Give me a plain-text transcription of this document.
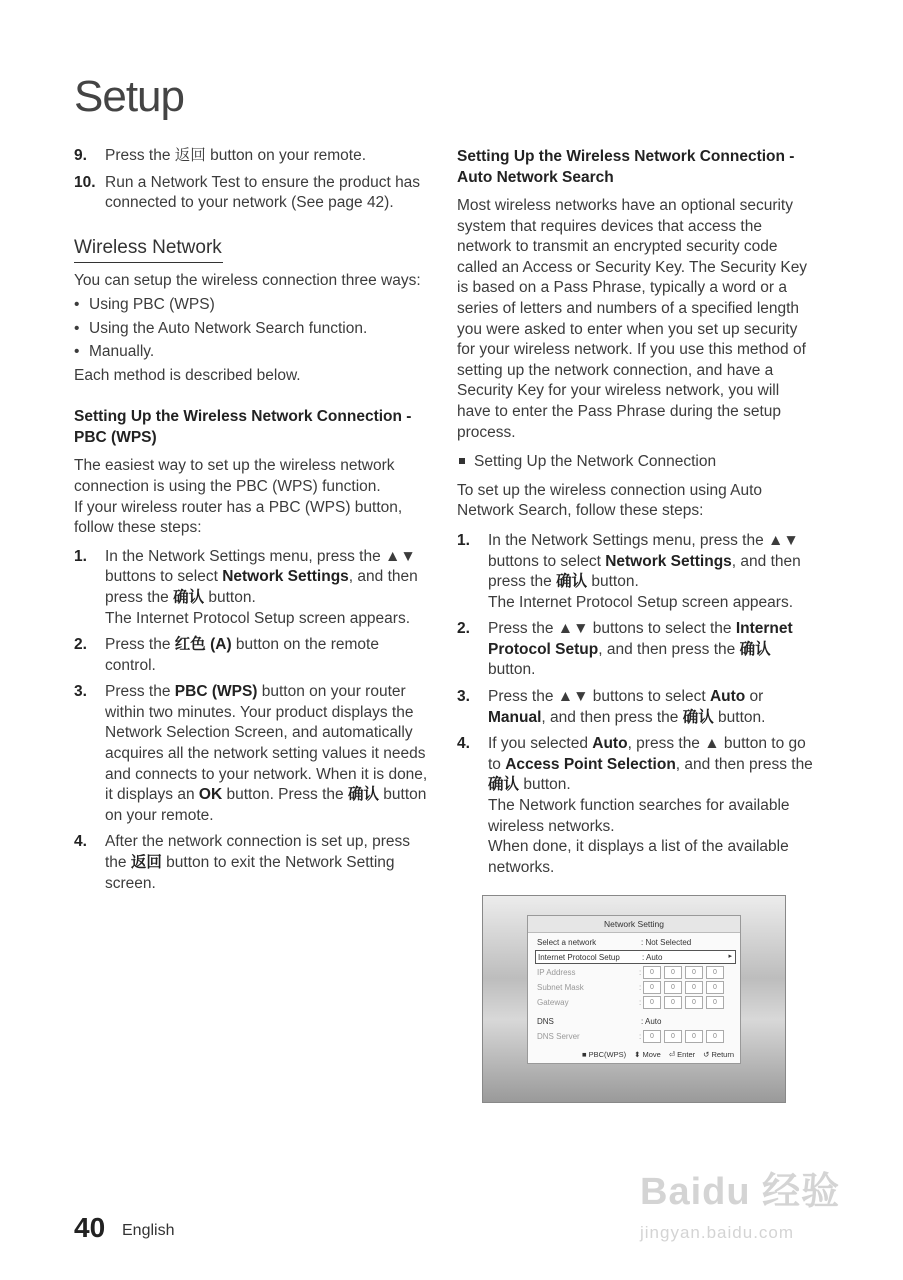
Setup
9.	Press the 返回 button on your remote.
10. Run a Network Test to ensure the product has connected to your network (See page 42).
Wireless Network
You can setup the wireless connection three ways:
• Using PBC (WPS)
• Using the Auto Network Search function.
• Manually.
Each method is described below.
Setting Up the Wireless Network Connection - PBC (WPS)
The easiest way to set up the wireless network connection is using the PBC (WPS) function.
If your wireless router has a PBC (WPS) button, follow these steps:
1.	In the Network Settings menu, press the ▲▼ buttons to select Network Settings, and then press the 确认 button.
The Internet Protocol Setup screen appears.
2.	Press the 红色 (A) button on the remote control.
3.	Press the PBC (WPS) button on your router within two minutes. Your product displays the Network Selection Screen, and automatically acquires all the network setting values it needs and connects to your network. When it is done, it displays an OK button. Press the 确认 button on your remote.
4.	After the network connection is set up, press the 返回 button to exit the Network Setting screen.
Setting Up the Wireless Network Connection - Auto Network Search
Most wireless networks have an optional security system that requires devices that access the network to transmit an encrypted security code called an Access or Security Key. The Security Key is based on a Pass Phrase, typically a word or a series of letters and numbers of a specified length you were asked to enter when you set up security for your wireless network. If you use this method of setting up the network connection, and have a Security Key for your wireless network, you will have to enter the Pass Phrase during the setup process.
Setting Up the Network Connection
To set up the wireless connection using Auto Network Search, follow these steps:
1.	In the Network Settings menu, press the ▲▼ buttons to select Network Settings, and then press the 确认 button.
The Internet Protocol Setup screen appears.
2.	Press the ▲▼ buttons to select the Internet Protocol Setup, and then press the 确认 button.
3.	Press the ▲▼ buttons to select Auto or Manual, and then press the 确认 button.
4.	If you selected Auto, press the ▲ button to go to Access Point Selection, and then press the 确认 button.
The Network function searches for available wireless networks.
When done, it displays a list of the available networks.
Network Setting
Select a network	: Not Selected
Internet Protocol Setup	: Auto	▸
IP Address	:	0	0	0	0
Subnet Mask	:	0	0	0	0
Gateway	:	0	0	0	0
DNS	: Auto
DNS Server	:	0	0	0	0
■ PBC(WPS) ⬍ Move ⏎ Enter ↺ Return
40 English
Baidu 经验
jingyan.baidu.com
